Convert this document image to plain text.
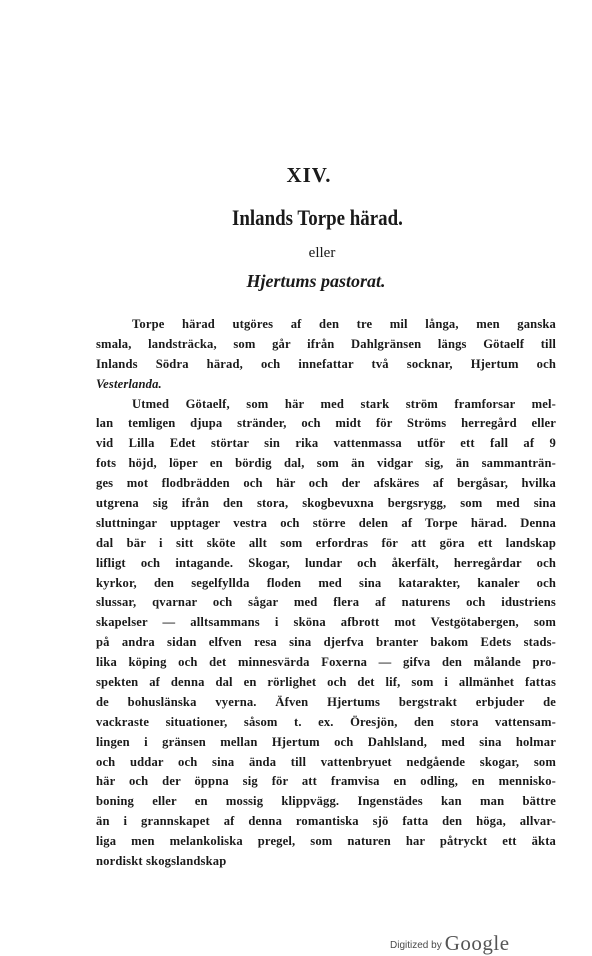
XIV.
Inlands Torpe härad.
eller
Hjertums pastorat.
Torpe härad utgöres af den tre mil långa, men ganska
smala, landsträcka, som går ifrån Dahlgränsen längs Götaelf till
Inlands Södra härad, och innefattar två socknar, Hjertum och
Vesterlanda.
Utmed Götaelf, som här med stark ström framforsar mel-
lan temligen djupa stränder, och midt för Ströms herregård eller
vid Lilla Edet störtar sin rika vattenmassa utför ett fall af 9
fots höjd, löper en bördig dal, som än vidgar sig, än sammanträn-
ges mot flodbrädden och här och der afskäres af bergåsar, hvilka
utgrena sig ifrån den stora, skogbevuxna bergsrygg, som med sina
sluttningar upptager vestra och större delen af Torpe härad. Denna
dal bär i sitt sköte allt som erfordras för att göra ett landskap
lifligt och intagande. Skogar, lundar och åkerfält, herregårdar och
kyrkor, den segelfyllda floden med sina katarakter, kanaler och
slussar, qvarnar och sågar med flera af naturens och idustriens
skapelser — alltsammans i sköna afbrott mot Vestgötabergen, som
på andra sidan elfven resa sina djerfva branter bakom Edets stads-
lika köping och det minnesvärda Foxerna — gifva den målande pro-
spekten af denna dal en rörlighet och det lif, som i allmänhet fattas
de bohuslänska vyerna. Äfven Hjertums bergstrakt erbjuder de
vackraste situationer, såsom t. ex. Öresjön, den stora vattensam-
lingen i gränsen mellan Hjertum och Dahlsland, med sina holmar
och uddar och sina ända till vattenbryuet nedgående skogar, som
här och der öppna sig för att framvisa en odling, en mennisko-
boning eller en mossig klippvägg. Ingenstädes kan man bättre
än i grannskapet af denna romantiska sjö fatta den höga, allvar-
liga men melankoliska pregel, som naturen har påtryckt ett äkta
nordiskt skogslandskap
Digitized by Google
